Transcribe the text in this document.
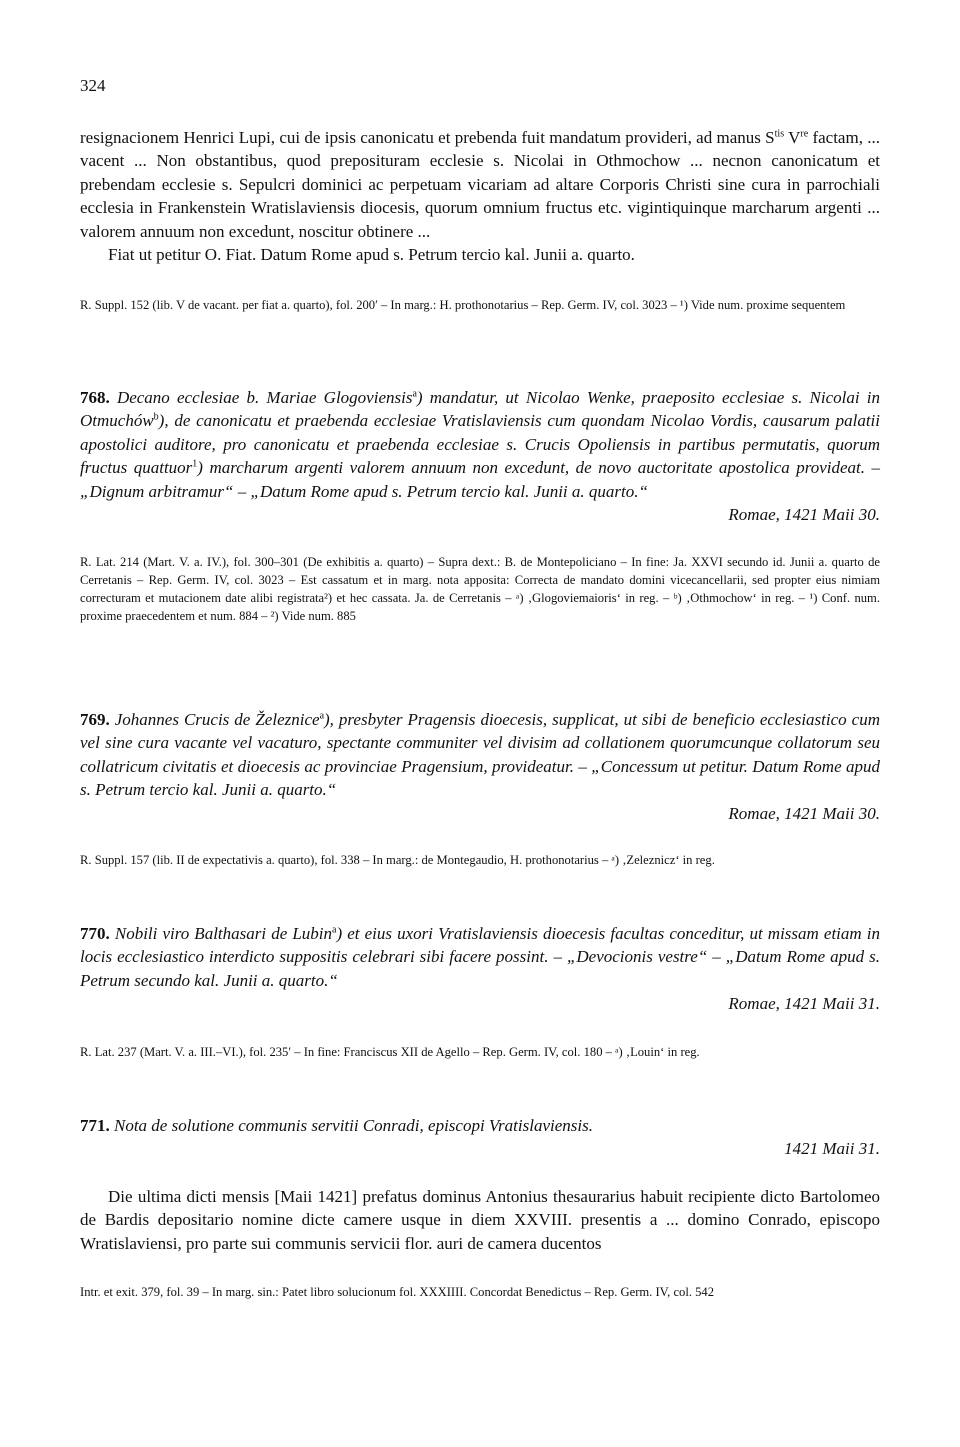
324

resignacionem Henrici Lupi, cui de ipsis canonicatu et prebenda fuit mandatum provideri, ad manus $S^{tis}$ Vre factam, ... vacent ... Non obstantibus, quod preposituram ecclesie s. Nicolai in Othmochow ... necnon canonicatum et prebendam ecclesie s. Sepulcri dominici ac perpetuam vicariam ad altare Corporis Christi sine cura in parrochiali ecclesia in Frankenstein Wratislaviensis diocesis, quorum omnium fructus etc. vigintiquinque marcharum argenti ... valorem annuum non excedunt, noscitur obtinere ...

Fiat ut petitur O. Fiat. Datum Rome apud s. Petrum tercio kal. Junii a. quarto.

R. Suppl. 152 (lib. V de vacant. per fiat a. quarto), fol. 200′ – In marg.: H. prothonotarius – Rep. Germ. IV, col. 3023 – ¹) Vide num. proxime sequentem

768. Decano ecclesiae b. Mariae Glogoviensis$^a$) mandatur, ut Nicolao Wenke, praeposito ecclesiae s. Nicolai in Otmuchów$^b$), de canonicatu et praebenda ecclesiae Vratislaviensis cum quondam Nicolao Vordis, causarum palatii apostolici auditore, pro canonicatu et praebenda ecclesiae s. Crucis Opoliensis in partibus permutatis, quorum fructus quattuor$^1$) marcharum argenti valorem annuum non excedunt, de novo auctoritate apostolica provideat. – „Dignum arbitramur“ – „Datum Rome apud s. Petrum tercio kal. Junii a. quarto.“

Romae, 1421 Maii 30.

R. Lat. 214 (Mart. V. a. IV.), fol. 300–301 (De exhibitis a. quarto) – Supra dext.: B. de Montepoliciano – In fine: Ja. XXVI secundo id. Junii a. quarto de Cerretanis – Rep. Germ. IV, col. 3023 – Est cassatum et in marg. nota apposita: Correcta de mandato domini vicecancellarii, sed propter eius nimiam correcturam et mutacionem date alibi registrata²) et hec cassata. Ja. de Cerretanis – ᵃ) ‚Glogoviemaioris‘ in reg. – ᵇ) ‚Othmochow‘ in reg. – ¹) Conf. num. proxime praecedentem et num. 884 – ²) Vide num. 885

769. Johannes Crucis de Železnice$^a$), presbyter Pragensis dioecesis, supplicat, ut sibi de beneficio ecclesiastico cum vel sine cura vacante vel vacaturo, spectante communiter vel divisim ad collationem quorumcunque collatorum seu collatricum civitatis et dioecesis ac provinciae Pragensium, provideatur. – „Concessum ut petitur. Datum Rome apud s. Petrum tercio kal. Junii a. quarto.“

Romae, 1421 Maii 30.

R. Suppl. 157 (lib. II de expectativis a. quarto), fol. 338 – In marg.: de Montegaudio, H. prothonotarius – ᵃ) ‚Zeleznicz‘ in reg.

770. Nobili viro Balthasari de Lubin$^a$) et eius uxori Vratislaviensis dioecesis facultas conceditur, ut missam etiam in locis ecclesiastico interdicto suppositis celebrari sibi facere possint. – „Devocionis vestre“ – „Datum Rome apud s. Petrum secundo kal. Junii a. quarto.“

Romae, 1421 Maii 31.

R. Lat. 237 (Mart. V. a. III.–VI.), fol. 235′ – In fine: Franciscus XII de Agello – Rep. Germ. IV, col. 180 – ᵃ) ‚Louin‘ in reg.

771. Nota de solutione communis servitii Conradi, episcopi Vratislaviensis.

1421 Maii 31.

Die ultima dicti mensis [Maii 1421] prefatus dominus Antonius thesaurarius habuit recipiente dicto Bartolomeo de Bardis depositario nomine dicte camere usque in diem XXVIII. presentis a ... domino Conrado, episcopo Wratislaviensi, pro parte sui communis servicii flor. auri de camera ducentos

Intr. et exit. 379, fol. 39 – In marg. sin.: Patet libro solucionum fol. XXXIIII. Concordat Benedictus – Rep. Germ. IV, col. 542
